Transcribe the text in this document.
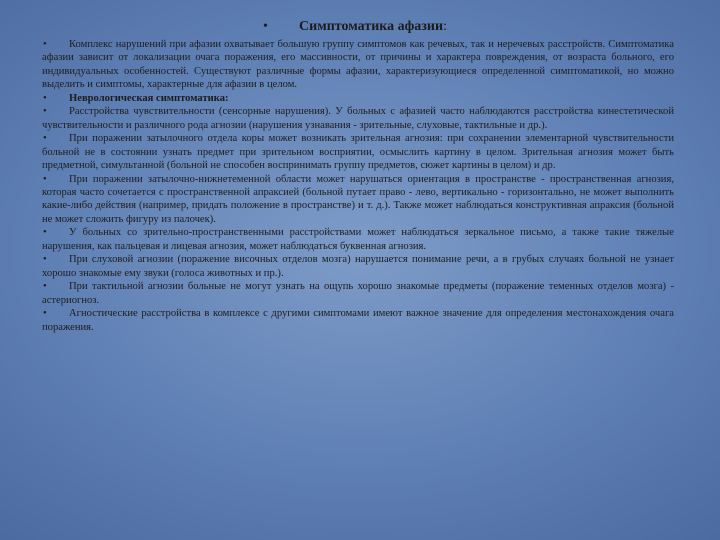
• Симптоматика афазии:

• Комплекс нарушений при афазии охватывает большую группу симптомов как речевых, так и неречевых расстройств. Симптоматика афазии зависит от локализации очага поражения, его массивности, от причины и характера повреждения, от возраста больного, его индивидуальных особенностей. Существуют различные формы афазии, характеризующиеся определенной симптоматикой, но можно выделить и симптомы, характерные для афазии в целом.

• Неврологическая симптоматика:

• Расстройства чувствительности (сенсорные нарушения). У больных с афазией часто наблюдаются расстройства кинестетической чувствительности и различного рода агнозии (нарушения узнавания - зрительные, слуховые, тактильные и др.).

• При поражении затылочного отдела коры может возникать зрительная агнозия: при сохранении элементарной чувствительности больной не в состоянии узнать предмет при зрительном восприятии, осмыслить картину в целом. Зрительная агнозия может быть предметной, симультанной (больной не способен воспринимать группу предметов, сюжет картины в целом) и др.

• При поражении затылочно-нижнетеменной области может нарушаться ориентация в пространстве - пространственная агнозия, которая часто сочетается с пространственной апраксией (больной путает право - лево, вертикально - горизонтально, не может выполнить какие-либо действия (например, придать положение в пространстве) и т. д.). Также может наблюдаться конструктивная апраксия (больной не может сложить фигуру из палочек).

• У больных со зрительно-пространственными расстройствами может наблюдаться зеркальное письмо, а также такие тяжелые нарушения, как пальцевая и лицевая агнозия, может наблюдаться буквенная агнозия.

• При слуховой агнозии (поражение височных отделов мозга) нарушается понимание речи, а в грубых случаях больной не узнает хорошо знакомые ему звуки (голоса животных и пр.).

• При тактильной агнозии больные не могут узнать на ощупь хорошо знакомые предметы (поражение теменных отделов мозга) - астериогноз.

• Агностические расстройства в комплексе с другими симптомами имеют важное значение для определения местонахождения очага поражения.
